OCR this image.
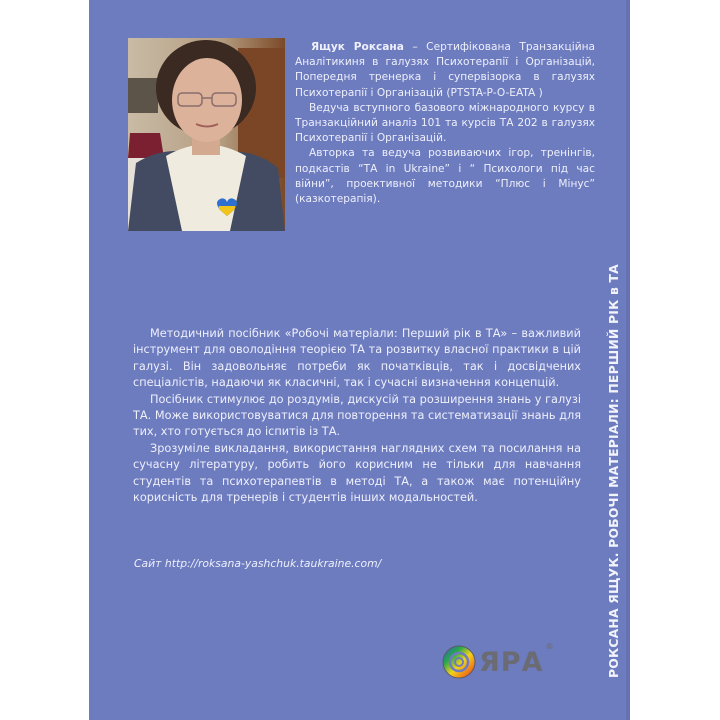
Ящук Роксана – Сертифікована Транзакційна Аналітикиня в галузях Психотерапії і Організацій, Попередня тренерка і супервізорка в галузях Психотерапії і Організацій (PTSTA-P-O-EATA )

Ведуча вступного базового міжнародного курсу в Транзакційний аналіз 101 та курсів ТА 202 в галузях Психотерапії і Організацій.

Авторка та ведуча розвиваючих ігор, тренінгів, подкастів “ТА in Ukraine” і “ Психологи під час війни”, проективної методики “Плюс і Мінус” (казкотерапія).

Методичний посібник «Робочі матеріали: Перший рік в ТА» – важливий інструмент для оволодіння теорією ТА та розвитку власної практики в цій галузі. Він задовольняє потреби як початківців, так і досвідчених спеціалістів, надаючи як класичні, так і сучасні визначення концепцій.

Посібник стимулює до роздумів, дискусій та розширення знань у галузі ТА. Може використовуватися для повторення та систематизації знань для тих, хто готується до іспитів із ТА.

Зрозуміле викладання, використання наглядних схем та посилання на сучасну літературу, робить його корисним не тільки для навчання студентів та психотерапевтів в методі ТА, а також має потенційну корисність для тренерів і студентів інших модальностей.

Сайт http://roksana-yashchuk.taukraine.com/
ЯРА ®	РОКСАНА ЯЩУК. РОБОЧІ МАТЕРІАЛИ: ПЕРШИЙ РІК в ТА
